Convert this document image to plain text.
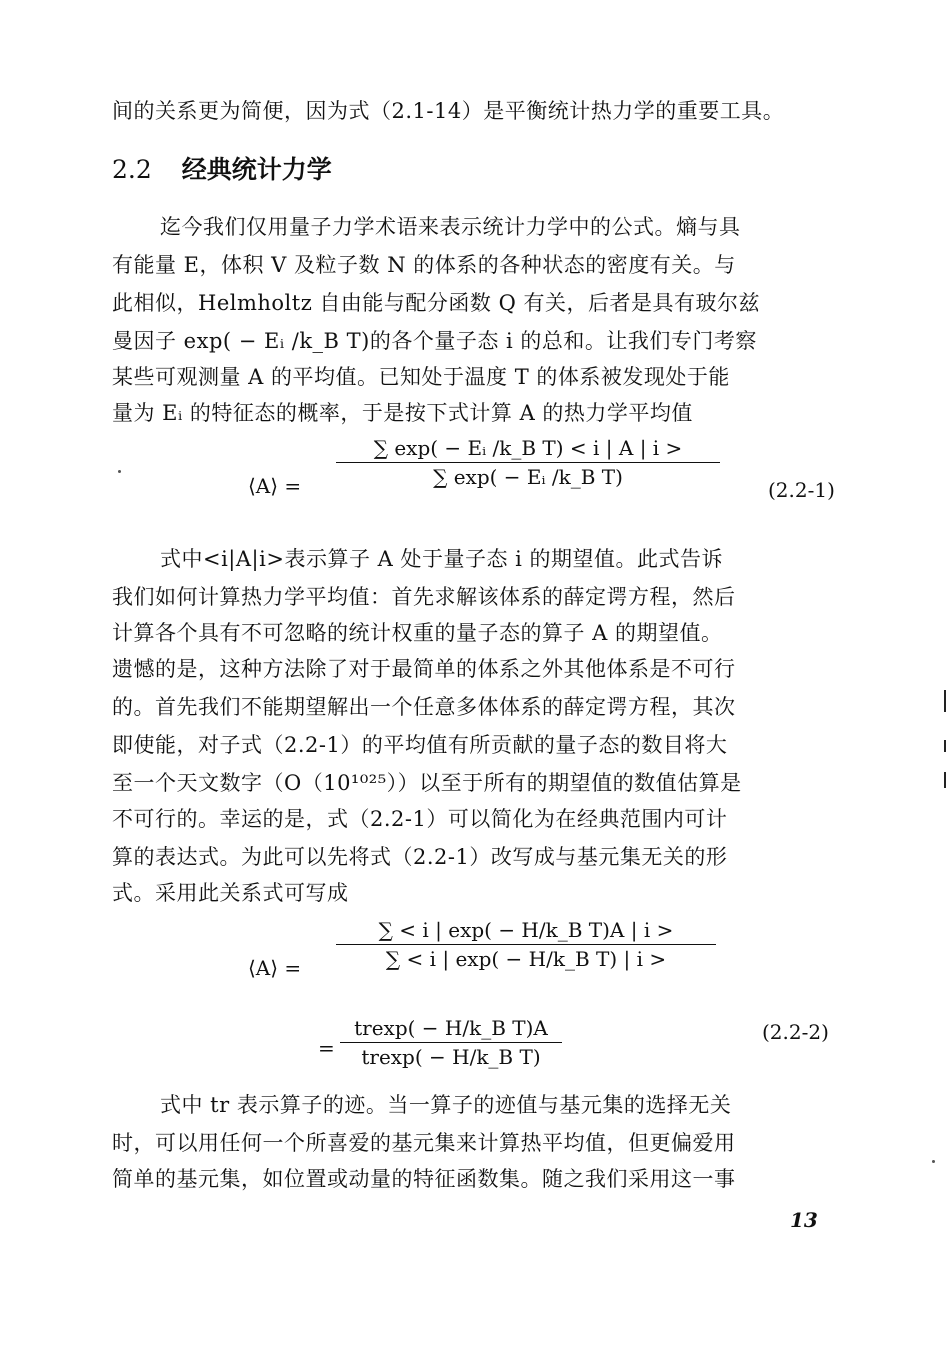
间的关系更为简便，因为式（2.1-14）是平衡统计热力学的重要工具。
2.2 经典统计力学
迄今我们仅用量子力学术语来表示统计力学中的公式。熵与具
有能量 E，体积 V 及粒子数 N 的体系的各种状态的密度有关。与
此相似，Helmholtz 自由能与配分函数 Q 有关，后者是具有玻尔兹
曼因子 exp( − Eᵢ /k_B T)的各个量子态 i 的总和。让我们专门考察
某些可观测量 A 的平均值。已知处于温度 T 的体系被发现处于能
量为 Eᵢ 的特征态的概率，于是按下式计算 A 的热力学平均值
⟨A⟩ =
∑ exp( − Eᵢ /k_B T) < i | A | i >
∑ exp( − Eᵢ /k_B T)
(2.2-1)
式中<i|A|i>表示算子 A 处于量子态 i 的期望值。此式告诉
我们如何计算热力学平均值：首先求解该体系的薛定谔方程，然后
计算各个具有不可忽略的统计权重的量子态的算子 A 的期望值。
遗憾的是，这种方法除了对于最简单的体系之外其他体系是不可行
的。首先我们不能期望解出一个任意多体体系的薛定谔方程，其次
即使能，对子式（2.2-1）的平均值有所贡献的量子态的数目将大
至一个天文数字（O（10¹⁰²⁵））以至于所有的期望值的数值估算是
不可行的。幸运的是，式（2.2-1）可以简化为在经典范围内可计
算的表达式。为此可以先将式（2.2-1）改写成与基元集无关的形
式。采用此关系式可写成
⟨A⟩ =
∑ < i | exp( − H/k_B T)A | i >
∑ < i | exp( − H/k_B T) | i >
=
trexp( − H/k_B T)A
trexp( − H/k_B T)
(2.2-2)
式中 tr 表示算子的迹。当一算子的迹值与基元集的选择无关
时，可以用任何一个所喜爱的基元集来计算热平均值，但更偏爱用
简单的基元集，如位置或动量的特征函数集。随之我们采用这一事
13
